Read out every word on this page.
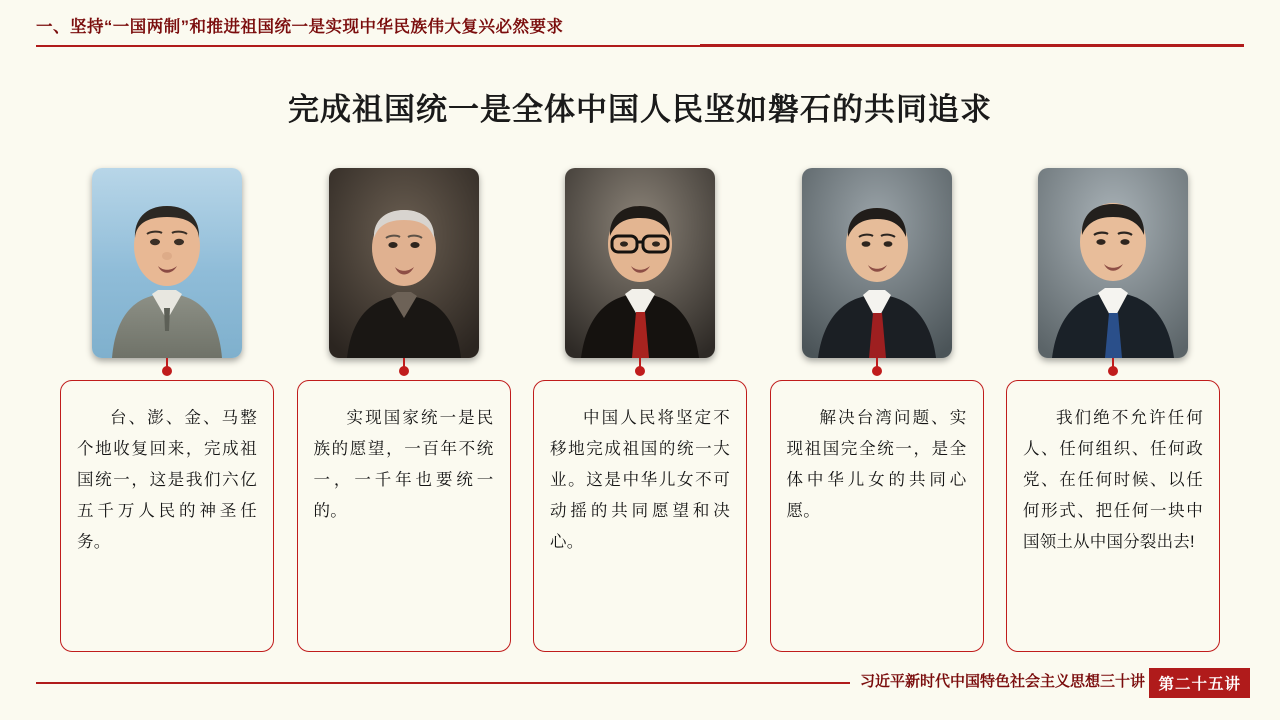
一、坚持“一国两制”和推进祖国统一是实现中华民族伟大复兴必然要求
完成祖国统一是全体中国人民坚如磐石的共同追求
台、澎、金、马整个地收复回来，完成祖国统一，这是我们六亿五千万人民的神圣任务。
实现国家统一是民族的愿望，一百年不统一，一千年也要统一的。
中国人民将坚定不移地完成祖国的统一大业。这是中华儿女不可动摇的共同愿望和决心。
解决台湾问题、实现祖国完全统一，是全体中华儿女的共同心愿。
我们绝不允许任何人、任何组织、任何政党、在任何时候、以任何形式、把任何一块中国领土从中国分裂出去!
习近平新时代中国特色社会主义思想三十讲 第二十五讲
